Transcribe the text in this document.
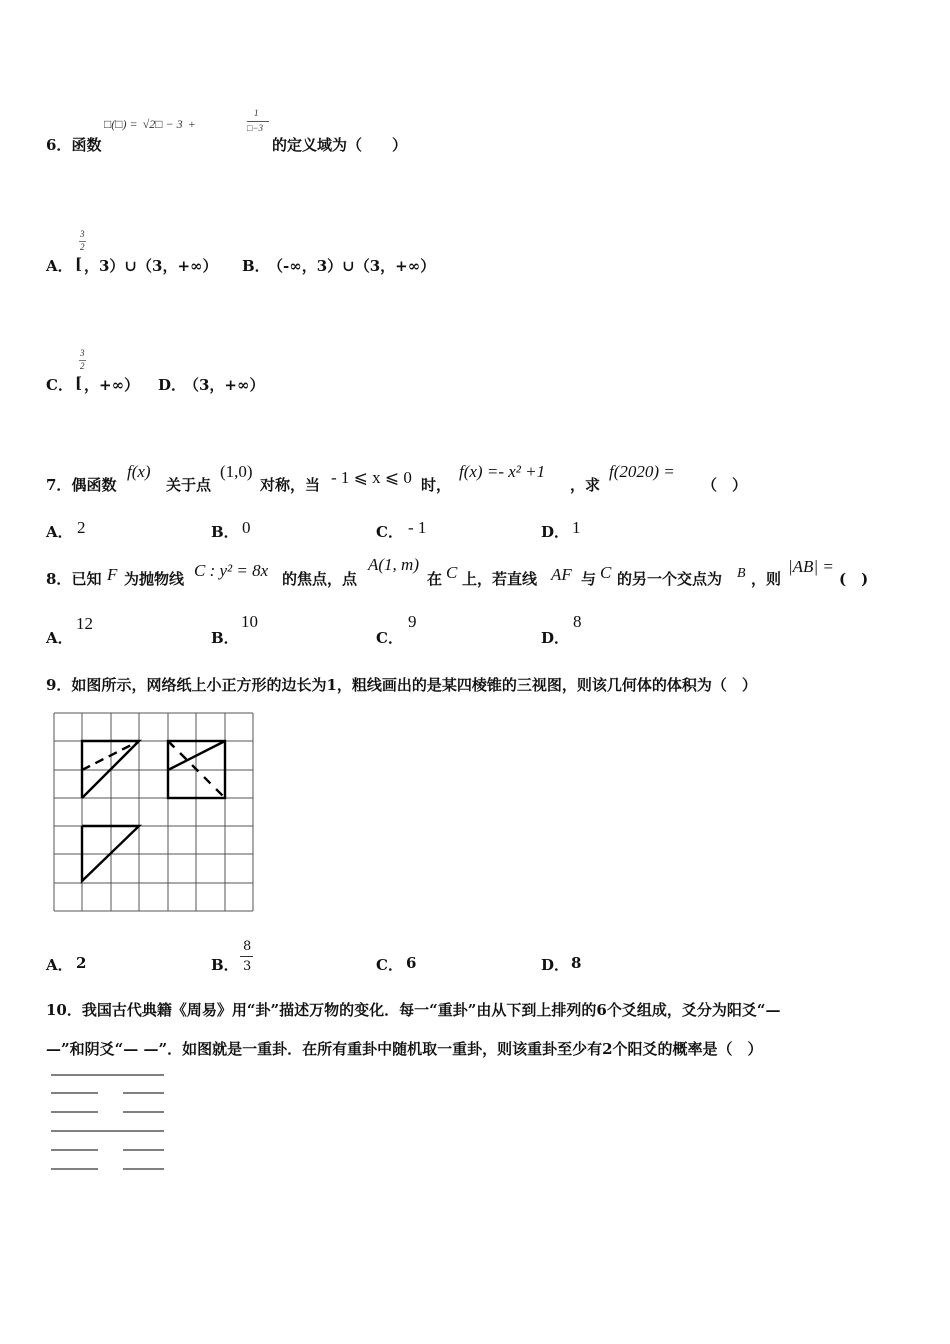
□(□) = √2□ − 3 +
1
□−3
6．函数	的定义域为（　　）
A．
3
2
[ ，3）∪（3，+∞） B．
（-∞，3）∪（3，+∞）
C．
3
2
[ ，+∞） D．
（3，+∞）
7．偶函数
f(x)
关于点
(1,0)
对称，当 - 1 ⩽ x ⩽ 0 时，
f(x) =- x² +1
，求
f(2020) =
（　）
A． 2	B． 0	C． - 1	D． 1
8．已知 F 为抛物线 C : y² = 8x 的焦点，点
A(1, m)
在 C 上，若直线 AF 与 C 的另一个交点为 B ，则
|AB| =
(　)
A．
12
B．
10
C．
9
D．
8
9．如图所示，网络纸上小正方形的边长为1，粗线画出的是某四棱锥的三视图，则该几何体的体积为（　）
A． 2	B．
8
3	C． 6	D． 8
10．我国古代典籍《周易》用“卦”描述万物的变化．每一“重卦”由从下到上排列的6个爻组成，爻分为阳爻“—
—”和阴爻“— —”．如图就是一重卦．在所有重卦中随机取一重卦，则该重卦至少有2个阳爻的概率是（　）
